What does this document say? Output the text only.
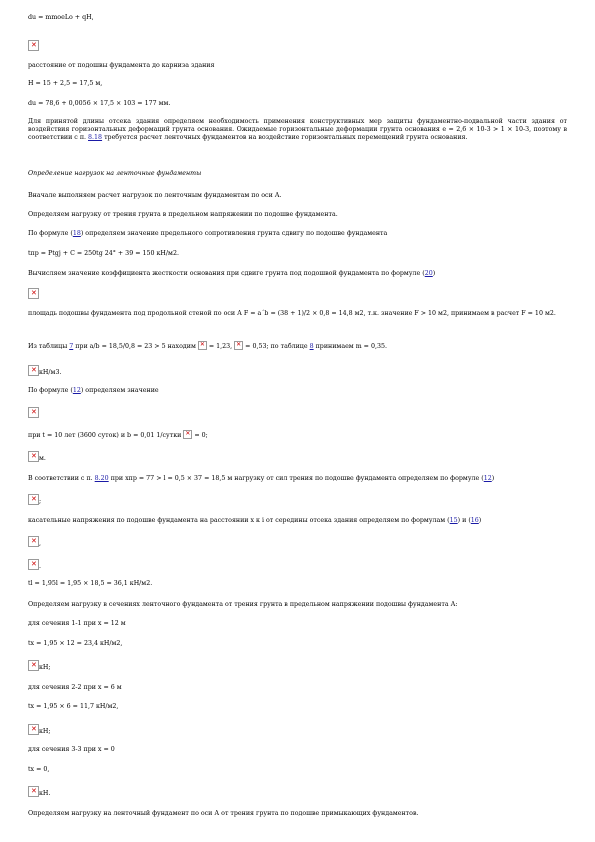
du = mmoeLo + qH,
✕
расстояние от подошвы фундамента до карниза здания
H = 15 + 2,5 = 17,5 м,
du = 78,6 + 0,0056 × 17,5 × 103 = 177 мм.
Для принятой длины отсека здания определяем необходимость применения конструктивных мер защиты фундаментно-подвальной части здания от воздействия горизонтальных деформаций грунта основания. Ожидаемые горизонтальные деформации грунта основания e = 2,6 × 10-3 > 1 × 10-3, поэтому в соответствии с п. 8.18 требуется расчет ленточных фундаментов на воздействие горизонтальных перемещений грунта основания.
Определение нагрузок на ленточные фундаменты
Вначале выполняем расчет нагрузок по ленточным фундаментам по оси А.
Определяем нагрузку от трения грунта в предельном напряжении по подошве фундамента.
По формуле (18) определяем значение предельного сопротивления грунта сдвигу по подошве фундамента
tпр = Ptgj + C = 250tg 24° + 39 = 150 кН/м2.
Вычисляем значение коэффициента жесткости основания при сдвиге грунта под подошвой фундамента по формуле (20)
✕
площадь подошвы фундамента под продольной стеной по оси А F = a´b = (38 + 1)/2 × 0,8 = 14,8 м2, т.к. значение F > 10 м2, принимаем в расчет F = 10 м2.
Из таблицы 7 при a/b = 18,5/0,8 = 23 > 5 находим ✕ = 1,23, ✕ = 0,53; по таблице 8 принимаем m = 0,35.
✕кН/м3.
По формуле (12) определяем значение
✕
при t = 10 лет (3600 суток) и b = 0,01 1/сутки ✕ = 0;
✕м.
В соответствии с п. 8.20 при xпр = 77 > l = 0,5 × 37 = 18,5 м нагрузку от сил трения по подошве фундамента определяем по формуле (12)
✕;
касательные напряжения по подошве фундамента на расстоянии х к i от середины отсека здания определяем по формулам (15) и (16)
✕,
✕.
tl = 1,95l = 1,95 × 18,5 = 36,1 кН/м2.
Определяем нагрузку в сечениях ленточного фундамента от трения грунта в предельном напряжении подошвы фундамента А:
для сечения 1-1 при x = 12 м
tx = 1,95 × 12 = 23,4 кН/м2,
✕кН;
для сечения 2-2 при x = 6 м
tx = 1,95 × 6 = 11,7 кН/м2,
✕кН;
для сечения 3-3 при x = 0
tx = 0,
✕кН.
Определяем нагрузку на ленточный фундамент по оси А от трения грунта по подошве примыкающих фундаментов.
